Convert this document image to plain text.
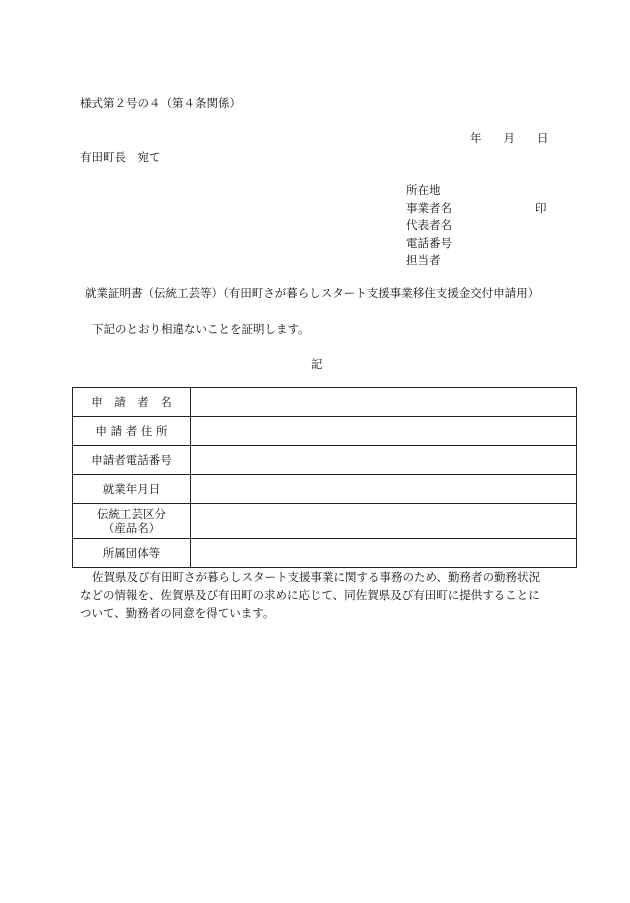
様式第２号の４（第４条関係）
年 月 日
有田町長　宛て
所在地
事業者名	印
代表者名
電話番号
担当者
就業証明書（伝統工芸等）（有田町さが暮らしスタート支援事業移住支援金交付申請用）
下記のとおり相違ないことを証明します。
記
申　請　者　名	
申 請 者 住 所	
申請者電話番号	
就業年月日	

伝統工芸区分
（産品名）	

所属団体等	
佐賀県及び有田町さが暮らしスタート支援事業に関する事務のため、勤務者の勤務状況
などの情報を、佐賀県及び有田町の求めに応じて、同佐賀県及び有田町に提供することに
ついて、勤務者の同意を得ています。
